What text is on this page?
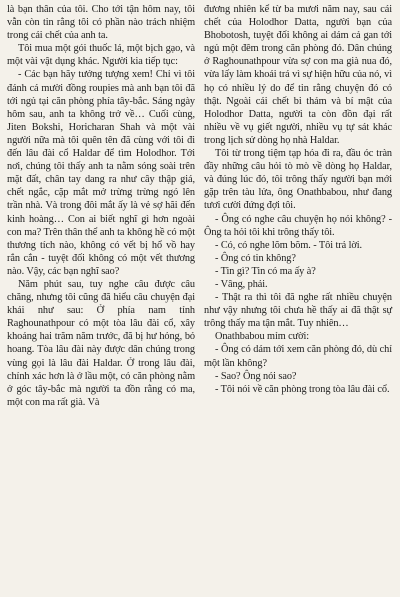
là bạn thân của tôi. Cho tới tận hôm nay, tôi vẫn còn tin rằng tôi có phần nào trách nhiệm trong cái chết của anh ta.

Tôi mua một gói thuốc lá, một bịch gạo, và một vài vật dụng khác. Người kia tiếp tục:

- Các bạn hãy tưởng tượng xem! Chỉ vì tôi đánh cá mười đồng roupies mà anh bạn tôi đã tới ngủ tại căn phòng phía tây-bắc. Sáng ngày hôm sau, anh ta không trở về… Cuối cùng, Jiten Bokshi, Horicharan Shah và một vài người nữa mà tôi quên tên đã cùng với tôi đi đến lâu đài cổ Haldar để tìm Holodhor. Tới nơi, chúng tôi thấy anh ta nằm sóng soài trên mặt đất, chân tay dang ra như cây thập giá, chết ngắc, cặp mắt mở trừng trừng ngó lên trần nhà. Và trong đôi mắt ấy là vẻ sợ hãi đến kinh hoàng… Con ai biết nghĩ gì hơn ngoài con ma? Trên thân thể anh ta không hề có một thương tích nào, không có vết bị hổ vồ hay rắn cắn - tuyệt đối không có một vết thương nào. Vậy, các bạn nghĩ sao?

Năm phút sau, tuy nghe câu được câu chăng, nhưng tôi cũng đã hiểu câu chuyện đại khái như sau: Ở phía nam tỉnh Raghounathpour có một tòa lâu đài cổ, xây khoảng hai trăm năm trước, đã bị hư hỏng, bỏ hoang. Tòa lâu đài này được dân chúng trong vùng gọi là lâu đài Haldar. Ở trong lâu đài, chính xác hơn là ở lầu một, có căn phòng nằm ở góc tây-bắc mà người ta đồn rằng có ma, một con ma rất già. Và

đương nhiên kể từ ba mươi năm nay, sau cái chết của Holodhor Datta, người bạn của Bhobotosh, tuyệt đối không ai dám cả gan tới ngủ một đêm trong căn phòng đó. Dân chúng ở Raghounathpour vừa sợ con ma già nua đó, vừa lấy làm khoái trá vì sự hiện hữu của nó, vì họ có nhiều lý do để tin rằng chuyện đó có thật. Ngoài cái chết bi thảm và bí mật của Holodhor Datta, người ta còn đồn đại rất nhiều về vụ giết người, nhiều vụ tự sát khác trong lịch sử dòng họ nhà Haldar.

Tôi từ trong tiệm tạp hóa đi ra, đầu óc tràn đầy những câu hỏi tò mò về dòng họ Haldar, và đúng lúc đó, tôi trông thấy người bạn mới gặp trên tàu lửa, ông Onathbabou, như đang tươi cười đứng đợi tôi.

- Ông có nghe câu chuyện họ nói không? - Ông ta hỏi tôi khi trông thấy tôi.

- Có, có nghe lõm bõm. - Tôi trả lời.

- Ông có tin không?

- Tin gì? Tin có ma ấy à?

- Vâng, phải.

- Thật ra thì tôi đã nghe rất nhiều chuyện như vậy nhưng tôi chưa hề thấy ai đã thật sự trông thấy ma tận mắt. Tuy nhiên…

Onathbabou mỉm cười:

- Ông có dám tới xem căn phòng đó, dù chỉ một lần không?

- Sao? Ông nói sao?

- Tôi nói về căn phòng trong tòa lâu đài cổ.
